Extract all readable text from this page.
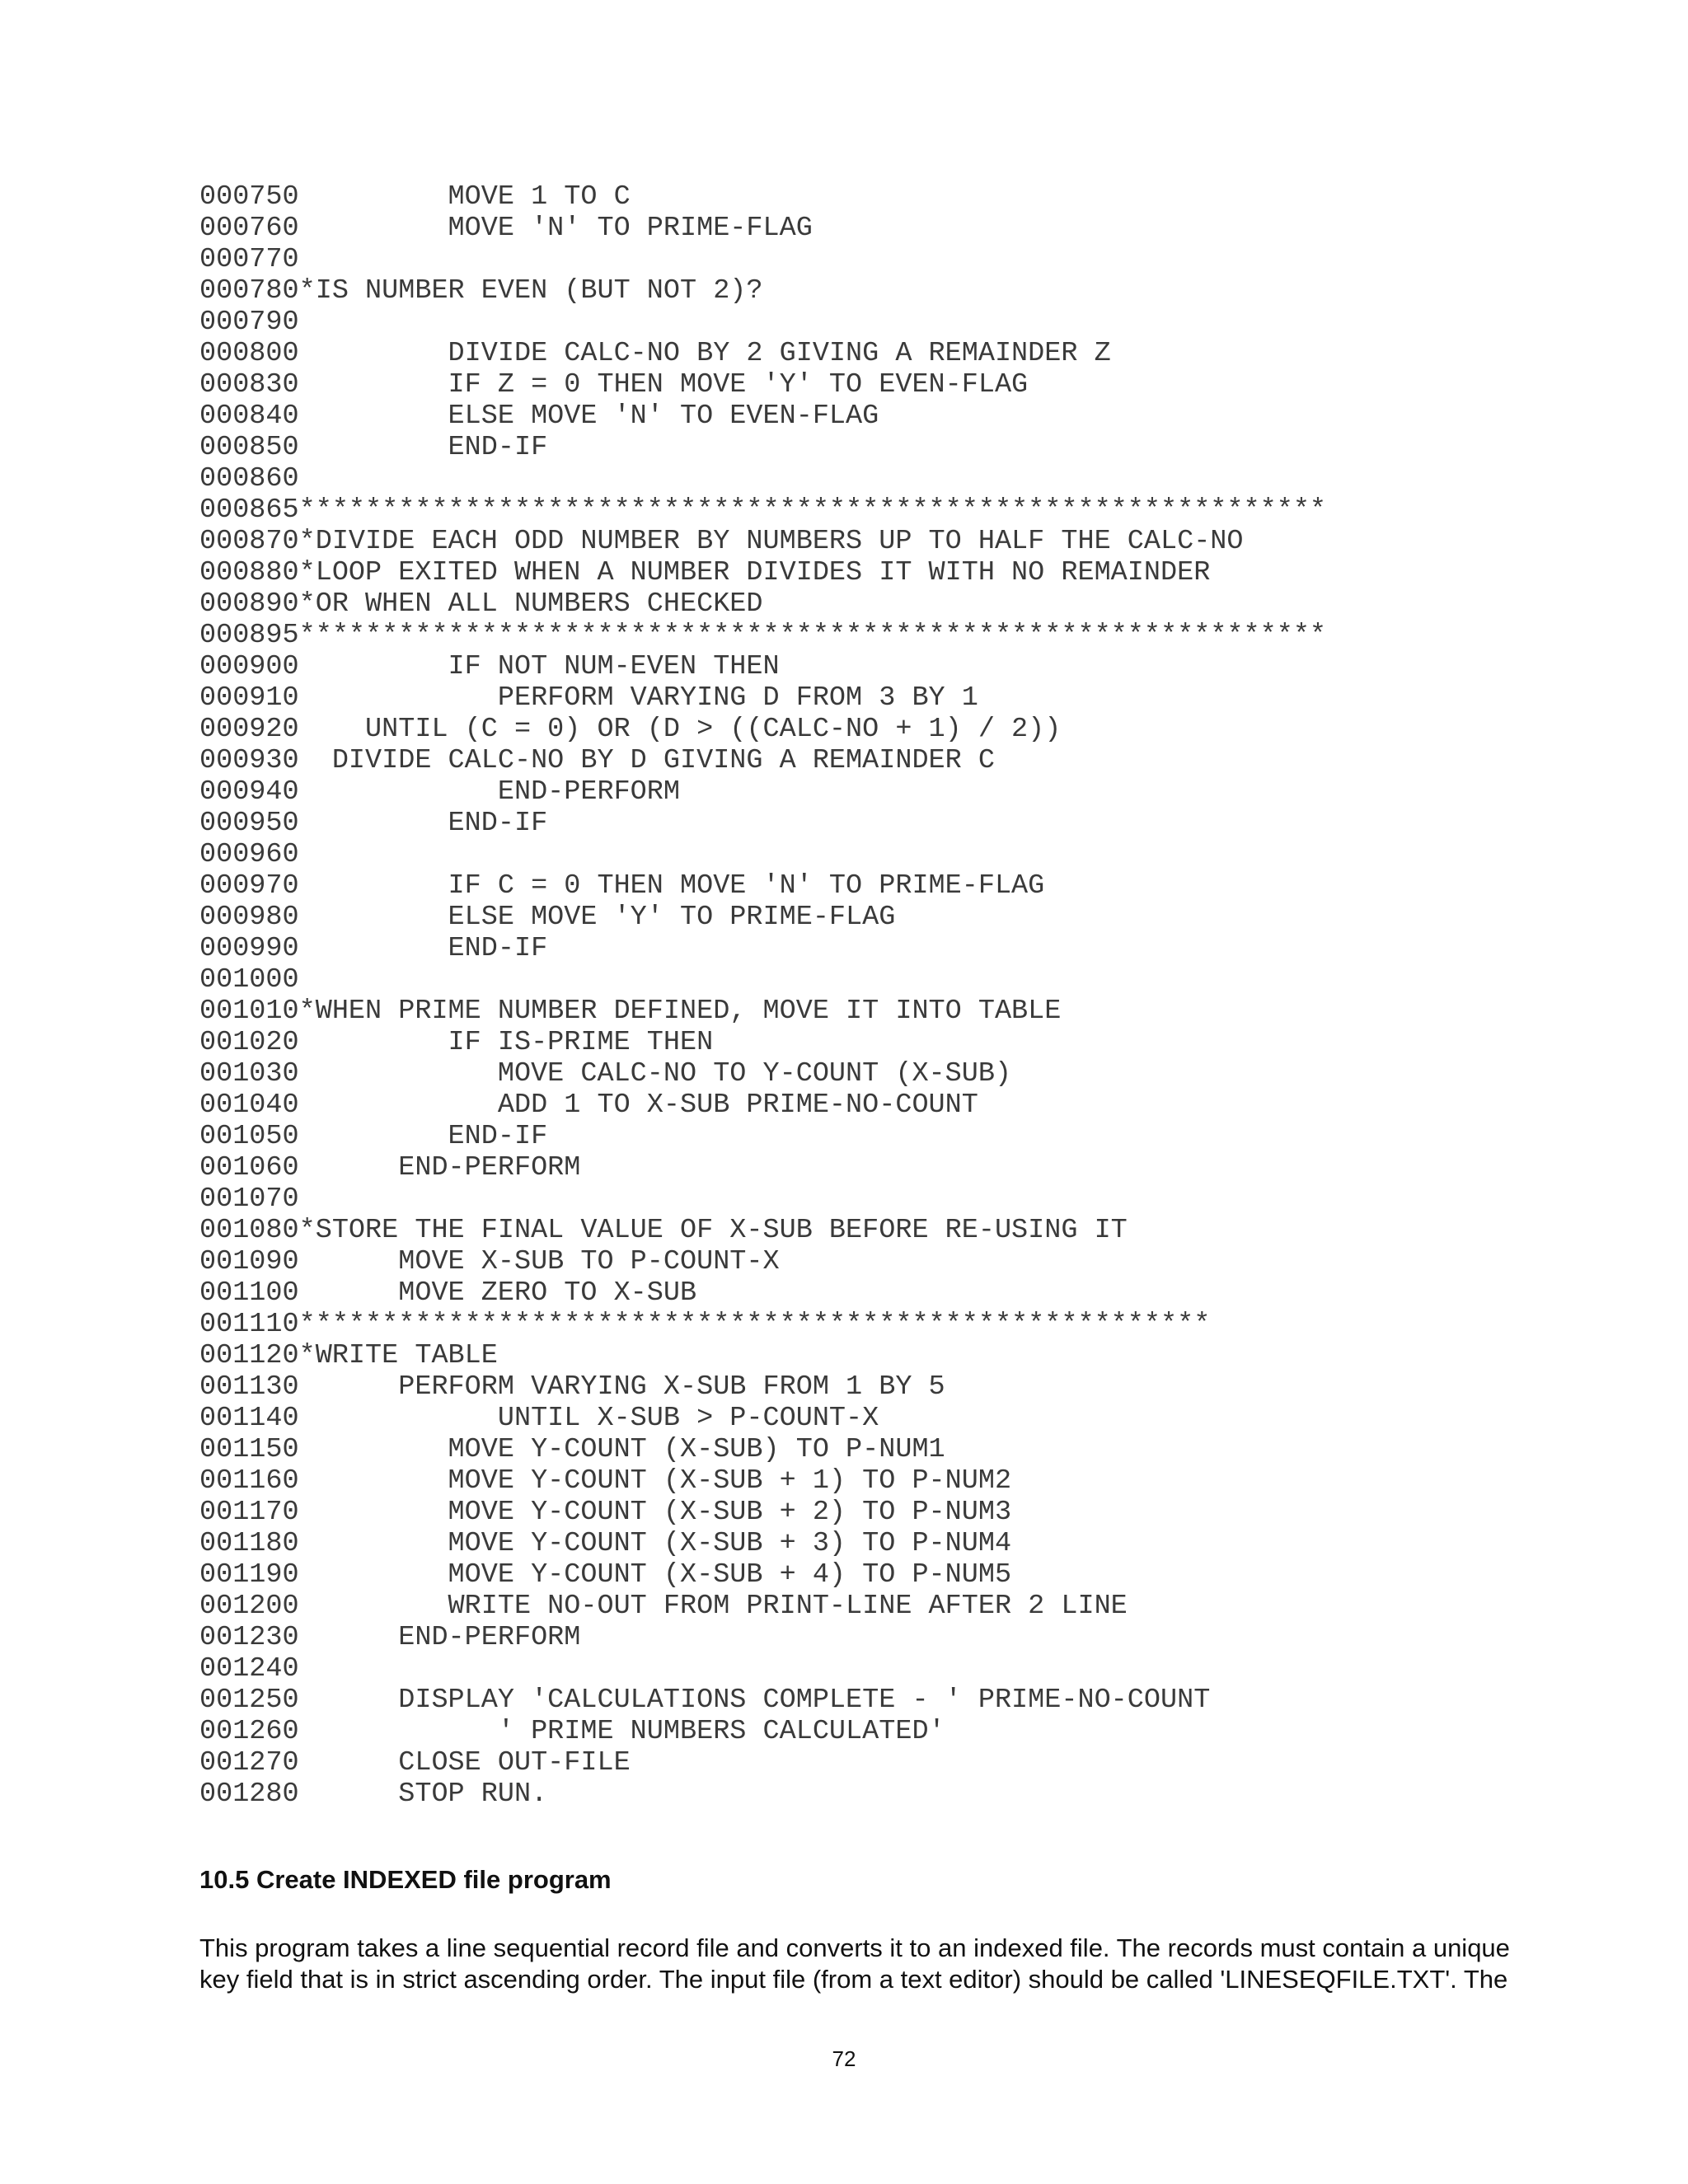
000750         MOVE 1 TO C
000760         MOVE 'N' TO PRIME-FLAG
000770
000780*IS NUMBER EVEN (BUT NOT 2)?
000790
000800         DIVIDE CALC-NO BY 2 GIVING A REMAINDER Z
000830         IF Z = 0 THEN MOVE 'Y' TO EVEN-FLAG
000840         ELSE MOVE 'N' TO EVEN-FLAG
000850         END-IF
000860
000865**************************************************************
000870*DIVIDE EACH ODD NUMBER BY NUMBERS UP TO HALF THE CALC-NO
000880*LOOP EXITED WHEN A NUMBER DIVIDES IT WITH NO REMAINDER
000890*OR WHEN ALL NUMBERS CHECKED
000895**************************************************************
000900         IF NOT NUM-EVEN THEN
000910            PERFORM VARYING D FROM 3 BY 1
000920    UNTIL (C = 0) OR (D > ((CALC-NO + 1) / 2))
000930  DIVIDE CALC-NO BY D GIVING A REMAINDER C
000940            END-PERFORM
000950         END-IF
000960
000970         IF C = 0 THEN MOVE 'N' TO PRIME-FLAG
000980         ELSE MOVE 'Y' TO PRIME-FLAG
000990         END-IF
001000
001010*WHEN PRIME NUMBER DEFINED, MOVE IT INTO TABLE
001020         IF IS-PRIME THEN
001030            MOVE CALC-NO TO Y-COUNT (X-SUB)
001040            ADD 1 TO X-SUB PRIME-NO-COUNT
001050         END-IF
001060      END-PERFORM
001070
001080*STORE THE FINAL VALUE OF X-SUB BEFORE RE-USING IT
001090      MOVE X-SUB TO P-COUNT-X
001100      MOVE ZERO TO X-SUB
001110*******************************************************
001120*WRITE TABLE
001130      PERFORM VARYING X-SUB FROM 1 BY 5
001140            UNTIL X-SUB > P-COUNT-X
001150         MOVE Y-COUNT (X-SUB) TO P-NUM1
001160         MOVE Y-COUNT (X-SUB + 1) TO P-NUM2
001170         MOVE Y-COUNT (X-SUB + 2) TO P-NUM3
001180         MOVE Y-COUNT (X-SUB + 3) TO P-NUM4
001190         MOVE Y-COUNT (X-SUB + 4) TO P-NUM5
001200         WRITE NO-OUT FROM PRINT-LINE AFTER 2 LINE
001230      END-PERFORM
001240
001250      DISPLAY 'CALCULATIONS COMPLETE - ' PRIME-NO-COUNT
001260            ' PRIME NUMBERS CALCULATED'
001270      CLOSE OUT-FILE
001280      STOP RUN.
10.5 Create INDEXED file program

This program takes a line sequential record file and converts it to an indexed file. The records must contain a unique
key field that is in strict ascending order. The input file (from a text editor) should be called 'LINESEQFILE.TXT'. The

72
